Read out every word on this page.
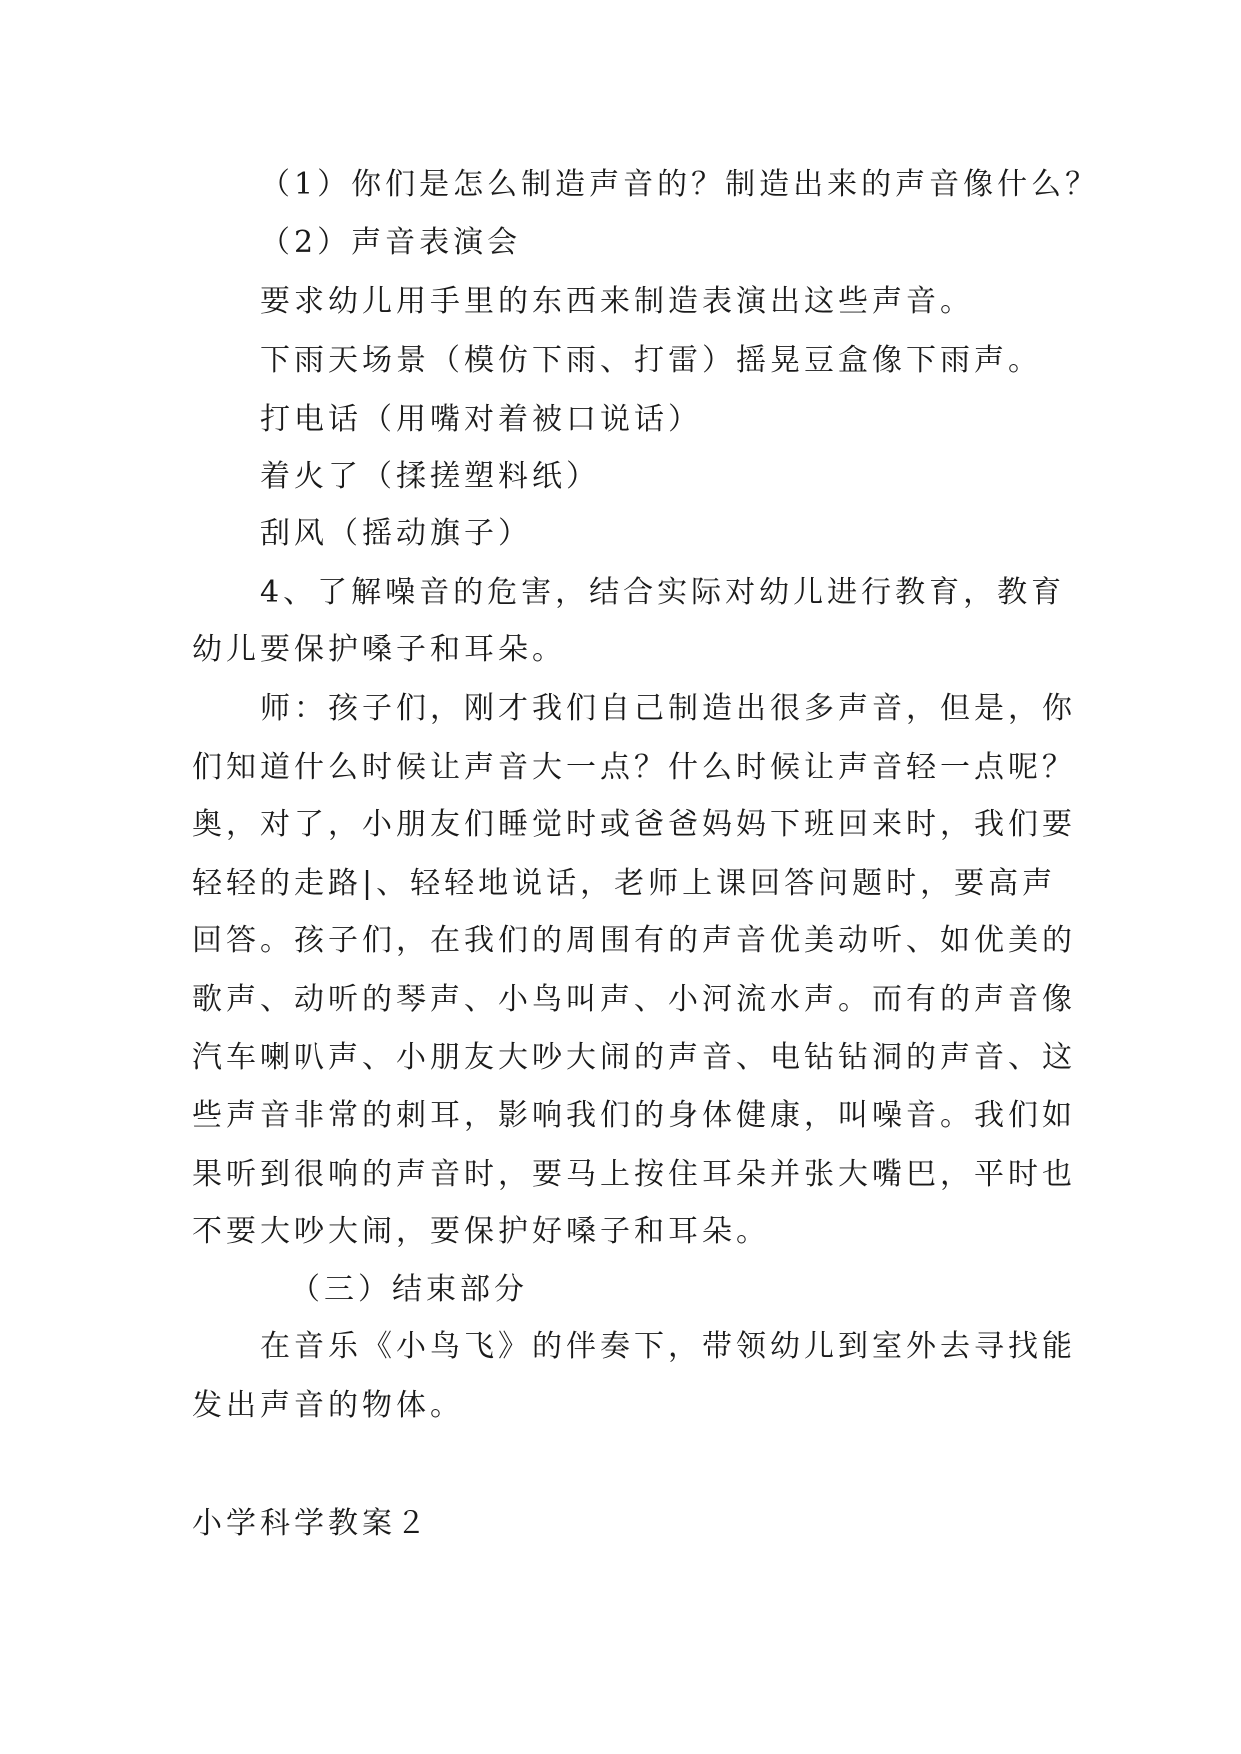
（1）你们是怎么制造声音的？制造出来的声音像什么？
（2）声音表演会
要求幼儿用手里的东西来制造表演出这些声音。
下雨天场景（模仿下雨、打雷）摇晃豆盒像下雨声。
打电话（用嘴对着被口说话）
着火了（揉搓塑料纸）
刮风（摇动旗子）
4、了解噪音的危害，结合实际对幼儿进行教育，教育
幼儿要保护嗓子和耳朵。
师：孩子们，刚才我们自己制造出很多声音，但是，你
们知道什么时候让声音大一点？什么时候让声音轻一点呢？
奥，对了，小朋友们睡觉时或爸爸妈妈下班回来时，我们要
轻轻的走路|、轻轻地说话，老师上课回答问题时，要高声
回答。孩子们，在我们的周围有的声音优美动听、如优美的
歌声、动听的琴声、小鸟叫声、小河流水声。而有的声音像
汽车喇叭声、小朋友大吵大闹的声音、电钻钻洞的声音、这
些声音非常的刺耳，影响我们的身体健康，叫噪音。我们如
果听到很响的声音时，要马上按住耳朵并张大嘴巴，平时也
不要大吵大闹，要保护好嗓子和耳朵。
（三）结束部分
在音乐《小鸟飞》的伴奏下，带领幼儿到室外去寻找能
发出声音的物体。
小学科学教案２
